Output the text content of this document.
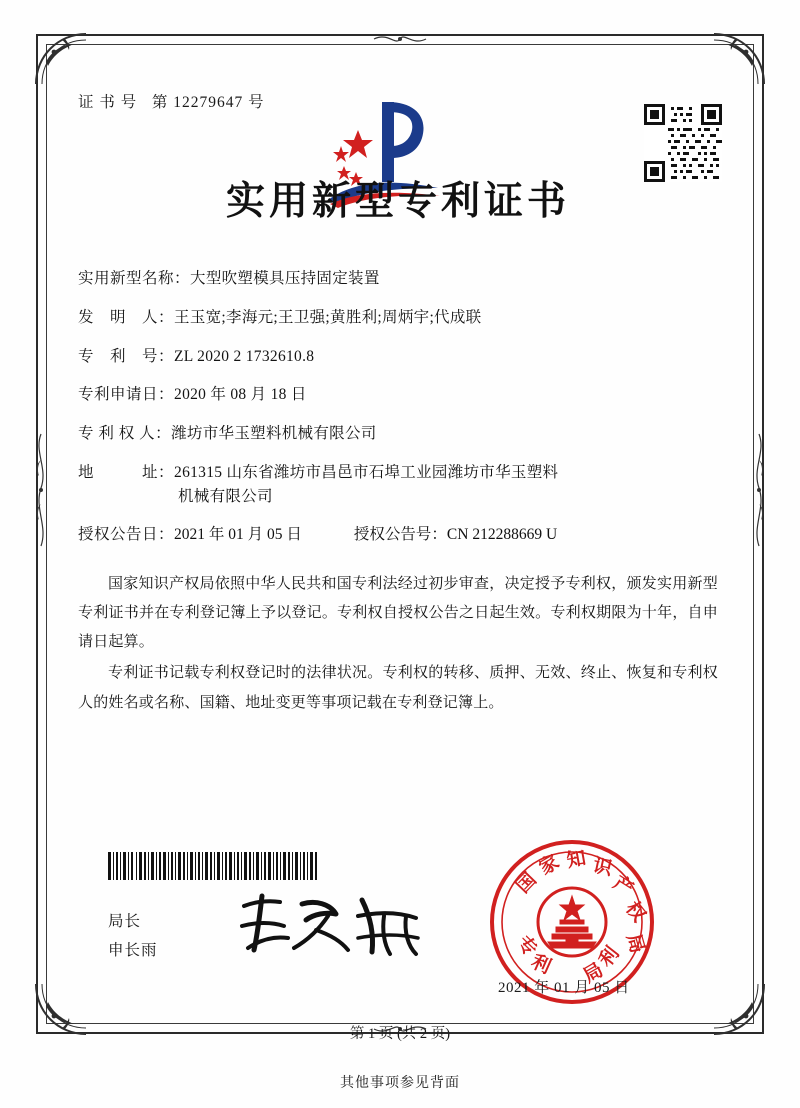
证 书 号 第 12279647 号
实用新型专利证书
实用新型名称： 大型吹塑模具压持固定装置
发　明　人： 王玉宽;李海元;王卫强;黄胜利;周炳宇;代成联
专　利　号： ZL 2020 2 1732610.8
专利申请日： 2020 年 08 月 18 日
专 利 权 人： 潍坊市华玉塑料机械有限公司
地　　　址： 261315 山东省潍坊市昌邑市石埠工业园潍坊市华玉塑料
机械有限公司
授权公告日： 2021 年 01 月 05 日	授权公告号： CN 212288669 U

国家知识产权局依照中华人民共和国专利法经过初步审查，决定授予专利权，颁发实用新型专利证书并在专利登记簿上予以登记。专利权自授权公告之日起生效。专利权期限为十年，自申请日起算。

专利证书记载专利权登记时的法律状况。专利权的转移、质押、无效、终止、恢复和专利权人的姓名或名称、国籍、地址变更等事项记载在专利登记簿上。

局长
申长雨
国
家 知 识
产
权
局
专
利 局
利
2021 年 01 月 05 日
第 1 页 (共 2 页)
其他事项参见背面
